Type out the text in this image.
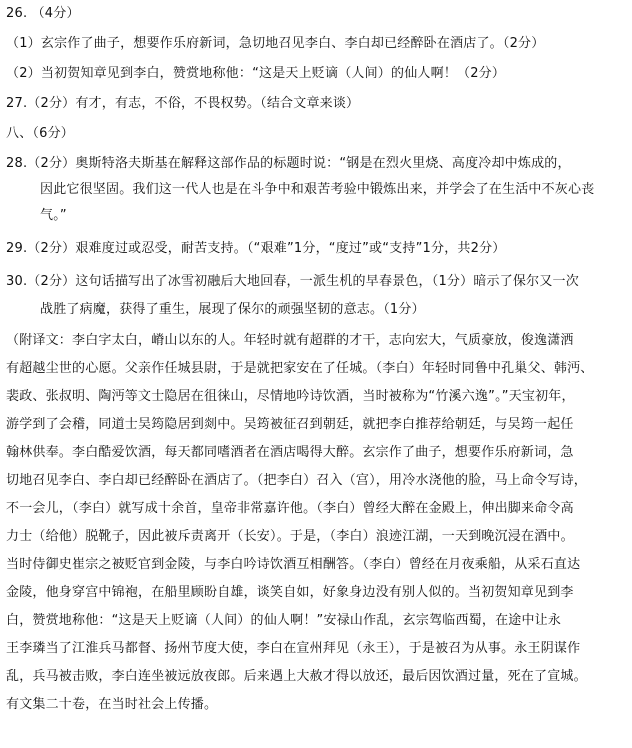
26. （4分）
（1）玄宗作了曲子，想要作乐府新词，急切地召见李白、李白却已经醉卧在酒店了。（2分）
（2）当初贺知章见到李白，赞赏地称他：“这是天上贬谪（人间）的仙人啊！（2分）
27.（2分）有才，有志，不俗，不畏权势。（结合文章来谈）
八、（6分）
28.（2分）奥斯特洛夫斯基在解释这部作品的标题时说：“钢是在烈火里烧、高度冷却中炼成的，
因此它很坚固。我们这一代人也是在斗争中和艰苦考验中锻炼出来，并学会了在生活中不灰心丧
气。”
29.（2分）艰难度过或忍受，耐苦支持。（“艰难”1分，“度过”或“支持”1分，共2分）
30.（2分）这句话描写出了冰雪初融后大地回春，一派生机的早春景色，（1分）暗示了保尔又一次
战胜了病魔，获得了重生，展现了保尔的顽强坚韧的意志。（1分）
（附译文：李白字太白，嵴山以东的人。年轻时就有超群的才干，志向宏大，气质豪放，俊逸潇洒
有超越尘世的心愿。父亲作任城县尉，于是就把家安在了任城。（李白）年轻时同鲁中孔巢父、韩沔、
裴政、张叔明、陶沔等文士隐居在徂徕山，尽情地吟诗饮酒，当时被称为“竹溪六逸”。”天宝初年，
游学到了会稽，同道士吴筠隐居到剡中。吴筠被征召到朝廷，就把李白推荐给朝廷，与吴筠一起任
翰林供奉。李白酷爱饮酒，每天都同嗜酒者在酒店喝得大醉。玄宗作了曲子，想要作乐府新词，急
切地召见李白、李白却已经醉卧在酒店了。（把李白）召入（宫），用冷水浇他的脸，马上命令写诗，
不一会儿，（李白）就写成十余首，皇帝非常嘉许他。（李白）曾经大醉在金殿上，伸出脚来命令高
力士（给他）脱靴子，因此被斥责离开（长安）。于是，（李白）浪迹江湖，一天到晚沉浸在酒中。
当时侍御史崔宗之被贬官到金陵，与李白吟诗饮酒互相酬答。（李白）曾经在月夜乘船，从采石直达
金陵，他身穿宫中锦袍，在船里顾盼自雄，谈笑自如，好象身边没有别人似的。当初贺知章见到李
白，赞赏地称他：“这是天上贬谪（人间）的仙人啊！”安禄山作乱，玄宗驾临西蜀，在途中让永
王李璘当了江淮兵马都督、扬州节度大使，李白在宣州拜见（永王），于是被召为从事。永王阴谋作
乱，兵马被击败，李白连坐被远放夜郎。后来遇上大赦才得以放还，最后因饮酒过量，死在了宣城。
有文集二十卷，在当时社会上传播。
